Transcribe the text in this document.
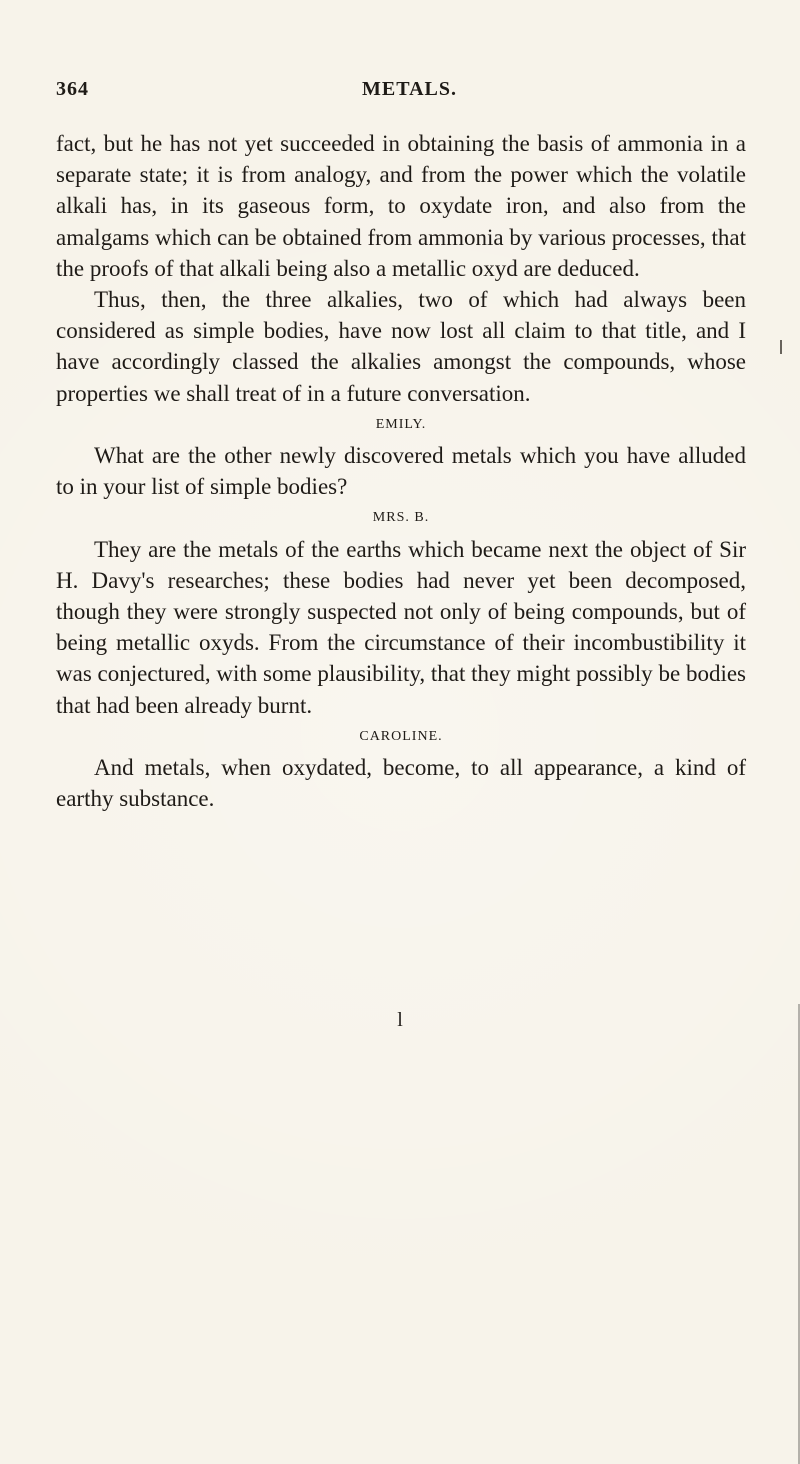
364	METALS.

fact, but he has not yet succeeded in obtaining the basis of ammonia in a separate state; it is from analogy, and from the power which the volatile alkali has, in its gaseous form, to oxydate iron, and also from the amalgams which can be obtained from ammonia by various processes, that the proofs of that alkali being also a metallic oxyd are deduced.

Thus, then, the three alkalies, two of which had always been considered as simple bodies, have now lost all claim to that title, and I have accordingly classed the alkalies amongst the compounds, whose properties we shall treat of in a future conversation.

EMILY.

What are the other newly discovered metals which you have alluded to in your list of simple bodies?

MRS. B.

They are the metals of the earths which became next the object of Sir H. Davy's researches; these bodies had never yet been decomposed, though they were strongly suspected not only of being compounds, but of being metallic oxyds. From the circumstance of their incombustibility it was conjectured, with some plausibility, that they might possibly be bodies that had been already burnt.

CAROLINE.

And metals, when oxydated, become, to all appearance, a kind of earthy substance.

l
